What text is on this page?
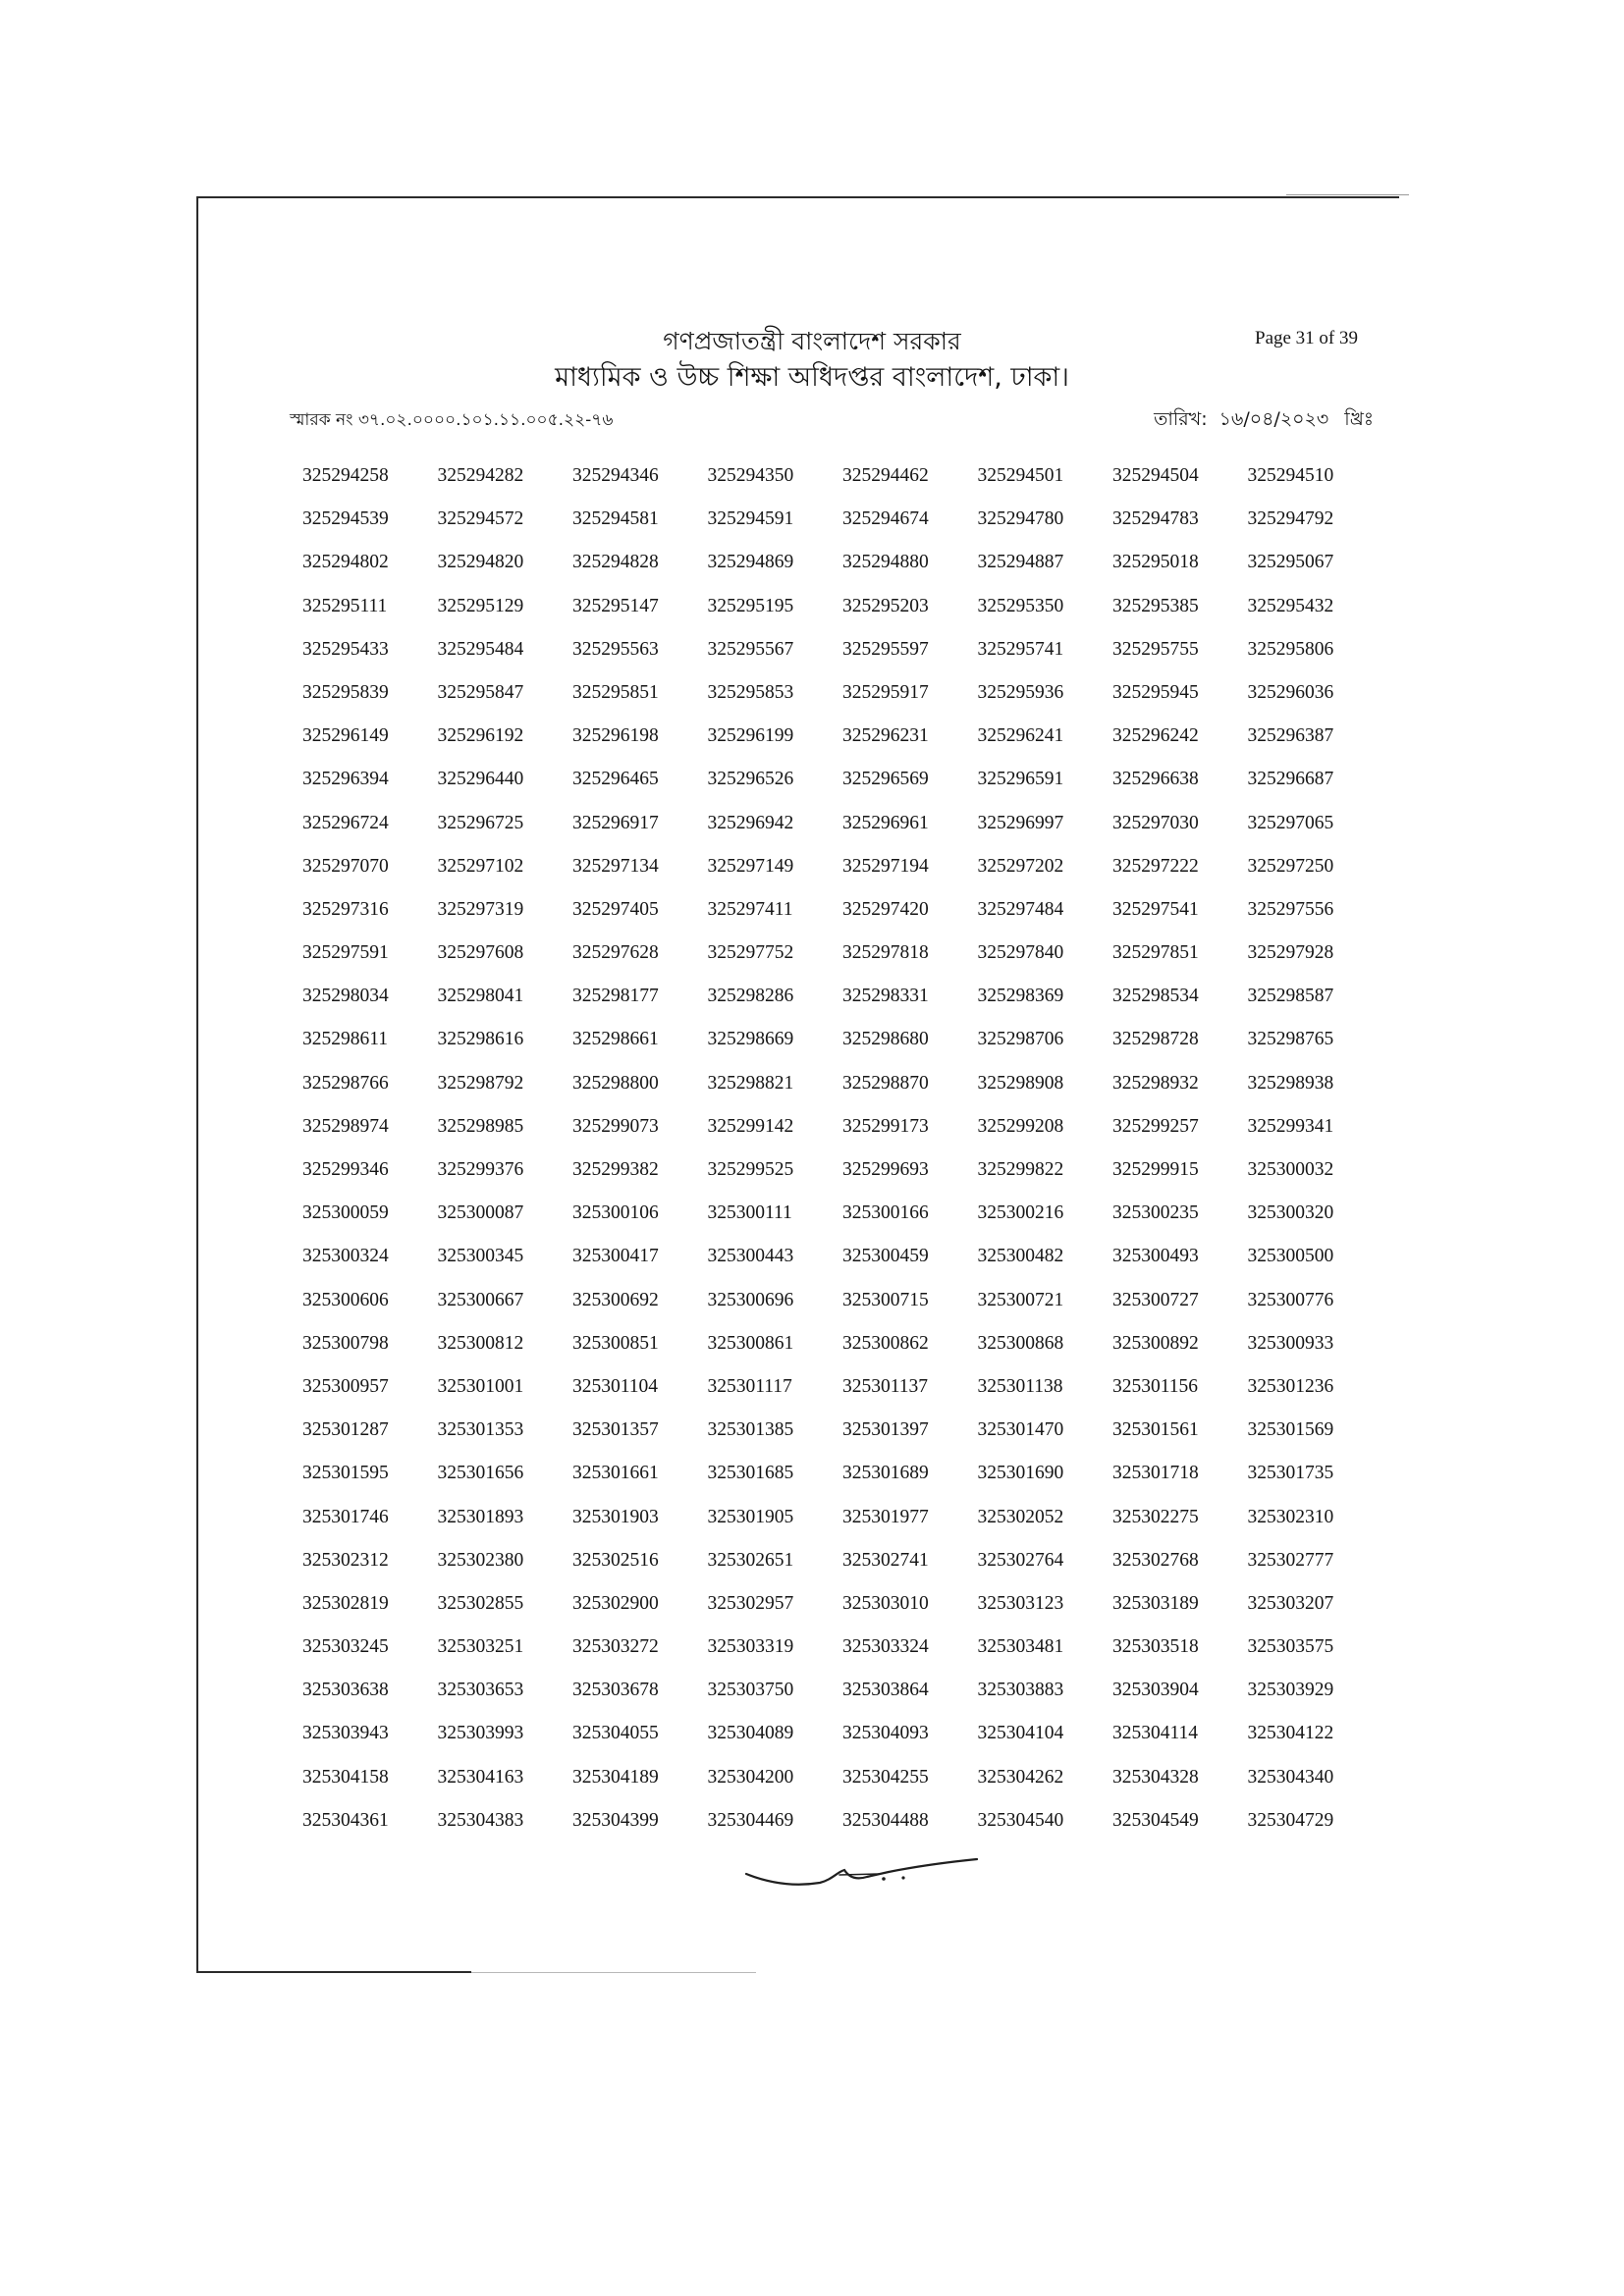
গণপ্রজাতন্ত্রী বাংলাদেশ সরকার
মাধ্যমিক ও উচ্চ শিক্ষা অধিদপ্তর বাংলাদেশ, ঢাকা।
Page 31 of 39
স্মারক নং ৩৭.০২.০০০০.১০১.১১.০০৫.২২-৭৬	তারিখ: ১৬/০৪/২০২৩ খ্রিঃ
325294258	325294282	325294346	325294350	325294462	325294501	325294504	325294510
325294539	325294572	325294581	325294591	325294674	325294780	325294783	325294792
325294802	325294820	325294828	325294869	325294880	325294887	325295018	325295067
325295111	325295129	325295147	325295195	325295203	325295350	325295385	325295432
325295433	325295484	325295563	325295567	325295597	325295741	325295755	325295806
325295839	325295847	325295851	325295853	325295917	325295936	325295945	325296036
325296149	325296192	325296198	325296199	325296231	325296241	325296242	325296387
325296394	325296440	325296465	325296526	325296569	325296591	325296638	325296687
325296724	325296725	325296917	325296942	325296961	325296997	325297030	325297065
325297070	325297102	325297134	325297149	325297194	325297202	325297222	325297250
325297316	325297319	325297405	325297411	325297420	325297484	325297541	325297556
325297591	325297608	325297628	325297752	325297818	325297840	325297851	325297928
325298034	325298041	325298177	325298286	325298331	325298369	325298534	325298587
325298611	325298616	325298661	325298669	325298680	325298706	325298728	325298765
325298766	325298792	325298800	325298821	325298870	325298908	325298932	325298938
325298974	325298985	325299073	325299142	325299173	325299208	325299257	325299341
325299346	325299376	325299382	325299525	325299693	325299822	325299915	325300032
325300059	325300087	325300106	325300111	325300166	325300216	325300235	325300320
325300324	325300345	325300417	325300443	325300459	325300482	325300493	325300500
325300606	325300667	325300692	325300696	325300715	325300721	325300727	325300776
325300798	325300812	325300851	325300861	325300862	325300868	325300892	325300933
325300957	325301001	325301104	325301117	325301137	325301138	325301156	325301236
325301287	325301353	325301357	325301385	325301397	325301470	325301561	325301569
325301595	325301656	325301661	325301685	325301689	325301690	325301718	325301735
325301746	325301893	325301903	325301905	325301977	325302052	325302275	325302310
325302312	325302380	325302516	325302651	325302741	325302764	325302768	325302777
325302819	325302855	325302900	325302957	325303010	325303123	325303189	325303207
325303245	325303251	325303272	325303319	325303324	325303481	325303518	325303575
325303638	325303653	325303678	325303750	325303864	325303883	325303904	325303929
325303943	325303993	325304055	325304089	325304093	325304104	325304114	325304122
325304158	325304163	325304189	325304200	325304255	325304262	325304328	325304340
325304361	325304383	325304399	325304469	325304488	325304540	325304549	325304729
